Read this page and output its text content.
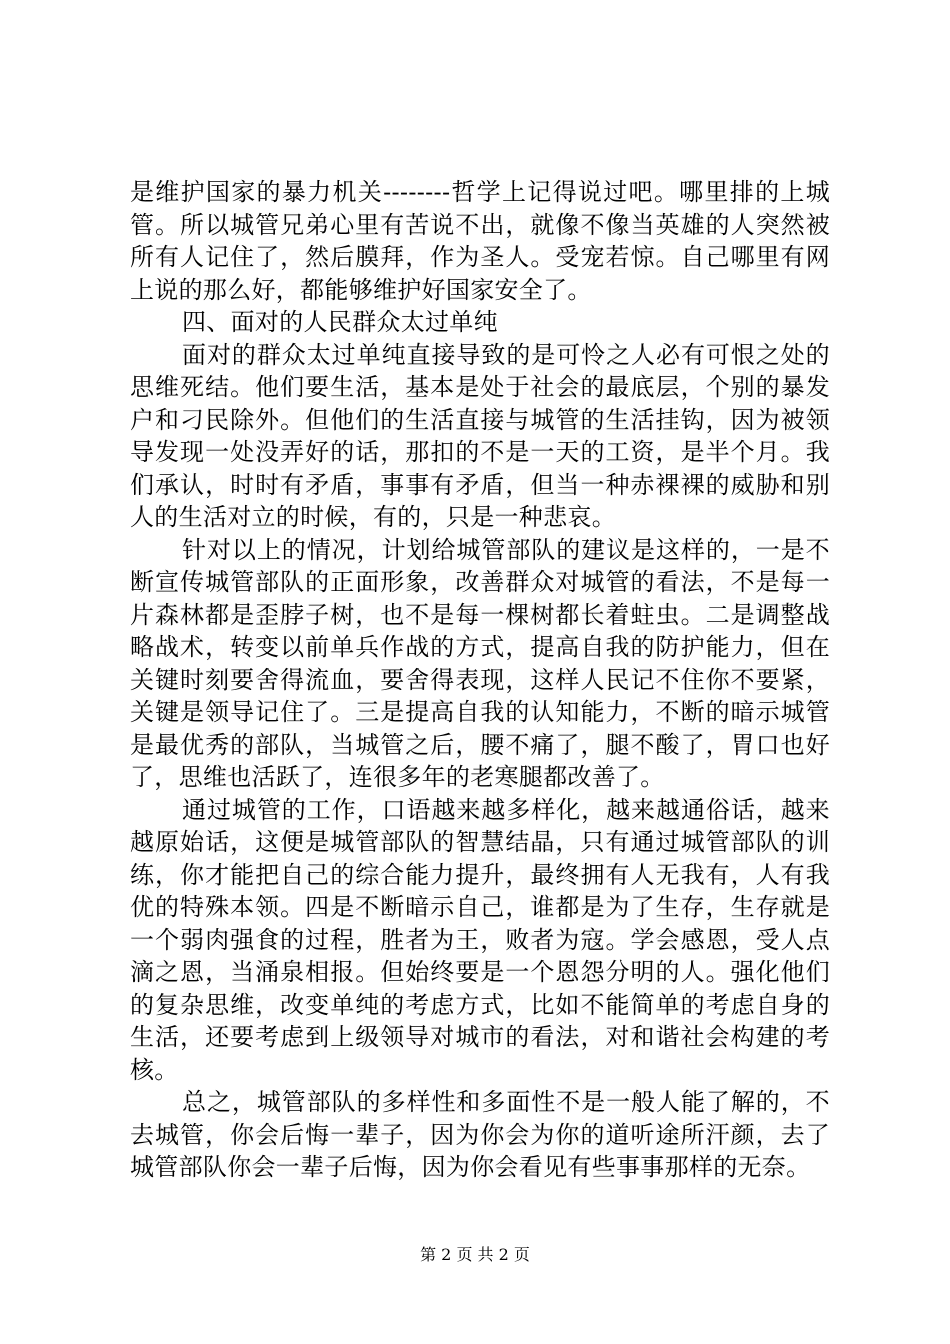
是维护国家的暴力机关--------哲学上记得说过吧。哪里排的上城管。所以城管兄弟心里有苦说不出，就像不像当英雄的人突然被所有人记住了，然后膜拜，作为圣人。受宠若惊。自己哪里有网上说的那么好，都能够维护好国家安全了。

四、面对的人民群众太过单纯

面对的群众太过单纯直接导致的是可怜之人必有可恨之处的思维死结。他们要生活，基本是处于社会的最底层，个别的暴发户和刁民除外。但他们的生活直接与城管的生活挂钩，因为被领导发现一处没弄好的话，那扣的不是一天的工资，是半个月。我们承认，时时有矛盾，事事有矛盾，但当一种赤裸裸的威胁和别人的生活对立的时候，有的，只是一种悲哀。

针对以上的情况，计划给城管部队的建议是这样的，一是不断宣传城管部队的正面形象，改善群众对城管的看法，不是每一片森林都是歪脖子树，也不是每一棵树都长着蛀虫。二是调整战略战术，转变以前单兵作战的方式，提高自我的防护能力，但在关键时刻要舍得流血，要舍得表现，这样人民记不住你不要紧，关键是领导记住了。三是提高自我的认知能力，不断的暗示城管是最优秀的部队，当城管之后，腰不痛了，腿不酸了，胃口也好了，思维也活跃了，连很多年的老寒腿都改善了。

通过城管的工作，口语越来越多样化，越来越通俗话，越来越原始话，这便是城管部队的智慧结晶，只有通过城管部队的训练，你才能把自己的综合能力提升，最终拥有人无我有，人有我优的特殊本领。四是不断暗示自己，谁都是为了生存，生存就是一个弱肉强食的过程，胜者为王，败者为寇。学会感恩，受人点滴之恩，当涌泉相报。但始终要是一个恩怨分明的人。强化他们的复杂思维，改变单纯的考虑方式，比如不能简单的考虑自身的生活，还要考虑到上级领导对城市的看法，对和谐社会构建的考核。

总之，城管部队的多样性和多面性不是一般人能了解的，不去城管，你会后悔一辈子，因为你会为你的道听途所汗颜，去了城管部队你会一辈子后悔，因为你会看见有些事事那样的无奈。

第 2 页 共 2 页
